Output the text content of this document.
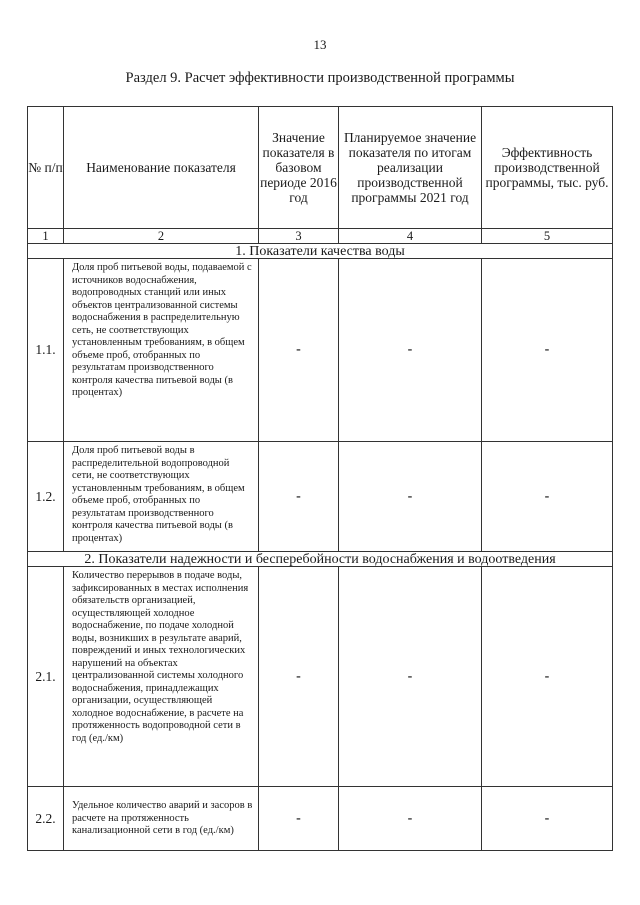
13
Раздел 9. Расчет эффективности производственной программы
№ п/п	Наименование показателя	Значение показателя в базовом периоде 2016 год	Планируемое значение показателя по итогам реализации производственной программы 2021 год	Эффективность производственной программы, тыс. руб.
1	2	3	4	5
1. Показатели качества воды				
1.1.	Доля проб питьевой воды, подаваемой с источников водоснабжения, водопроводных станций или иных объектов централизованной системы водоснабжения в распределительную сеть, не соответствующих установленным требованиям, в общем объеме проб, отобранных по результатам производственного контроля качества питьевой воды (в процентах)	-	-	-
1.2.	Доля проб питьевой воды в распределительной водопроводной сети, не соответствующих установленным требованиям, в общем объеме проб, отобранных по результатам производственного контроля качества питьевой воды (в процентах)	-	-	-
2. Показатели надежности и бесперебойности водоснабжения и водоотведения				
2.1.	Количество перерывов в подаче воды, зафиксированных в местах исполнения обязательств организацией, осуществляющей холодное водоснабжение, по подаче холодной воды, возникших в результате аварий, повреждений и иных технологических нарушений на объектах централизованной системы холодного водоснабжения, принадлежащих организации, осуществляющей холодное водоснабжение, в расчете на протяженность водопроводной сети в год (ед./км)	-	-	-
2.2.	Удельное количество аварий и засоров в расчете на протяженность канализационной сети в год (ед./км)	-	-	-
